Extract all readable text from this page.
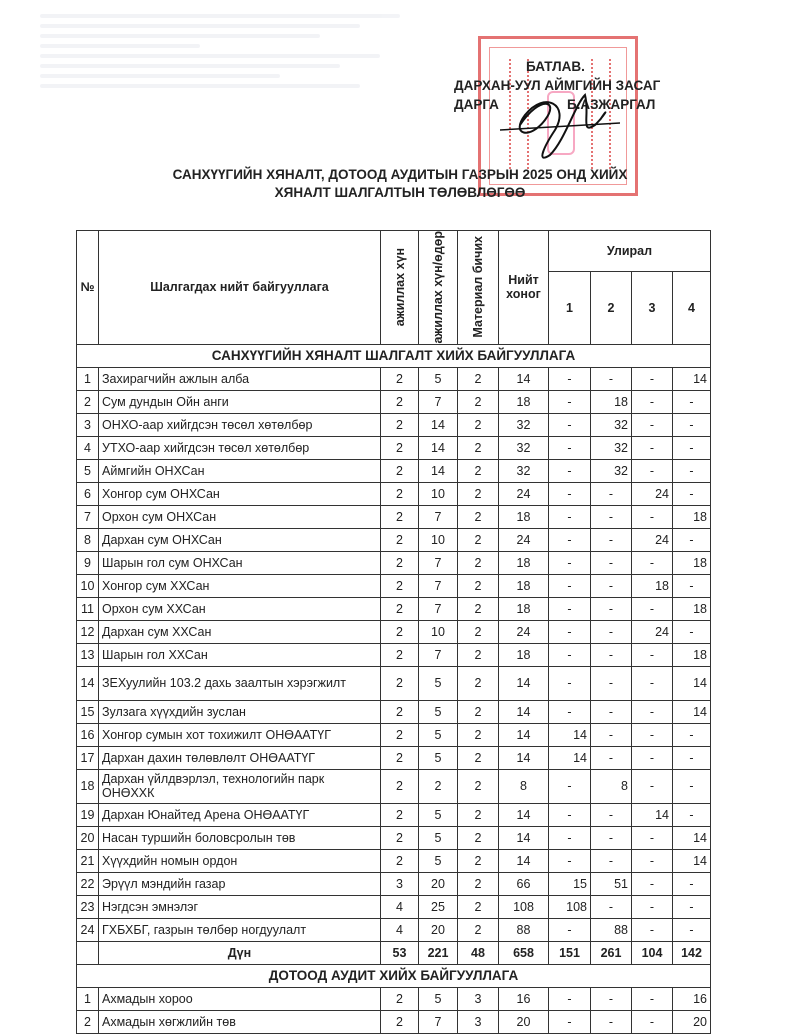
БАТЛАВ.
ДАРХАН-УУЛ АЙМГИЙН ЗАСАГ
ДАРГА	Б.АЗЖАРГАЛ
САНХҮҮГИЙН ХЯНАЛТ, ДОТООД АУДИТЫН ГАЗРЫН 2025 ОНД ХИЙХ
ХЯНАЛТ ШАЛГАЛТЫН ТӨЛӨВЛӨГӨӨ
№	Шалгагдах нийт байгууллага	ажиллах хүн	ажиллах хүн/өдөр	Материал бичих	Нийт хоног	Улирал			
						1	2	3	4
САНХҮҮГИЙН ХЯНАЛТ ШАЛГАЛТ ХИЙХ БАЙГУУЛЛАГА									
1	Захирагчийн ажлын алба	2	5	2	14	-	-	-	14
2	Сум дундын Ойн анги	2	7	2	18	-	18	-	-
3	ОНХО-аар хийгдсэн төсөл хөтөлбөр	2	14	2	32	-	32	-	-
4	УТХО-аар хийгдсэн төсөл хөтөлбөр	2	14	2	32	-	32	-	-
5	Аймгийн ОНХСан	2	14	2	32	-	32	-	-
6	Хонгор сум ОНХСан	2	10	2	24	-	-	24	-
7	Орхон сум ОНХСан	2	7	2	18	-	-	-	18
8	Дархан сум ОНХСан	2	10	2	24	-	-	24	-
9	Шарын гол сум ОНХСан	2	7	2	18	-	-	-	18
10	Хонгор сум ХХСан	2	7	2	18	-	-	18	-
11	Орхон сум ХХСан	2	7	2	18	-	-	-	18
12	Дархан сум ХХСан	2	10	2	24	-	-	24	-
13	Шарын гол ХХСан	2	7	2	18	-	-	-	18
14	ЗЕХуулийн 103.2 дахь заалтын хэрэгжилт	2	5	2	14	-	-	-	14
15	Зулзага хүүхдийн зуслан	2	5	2	14	-	-	-	14
16	Хонгор сумын хот тохижилт ОНӨААТҮГ	2	5	2	14	14	-	-	-
17	Дархан дахин төлөвлөлт ОНӨААТҮГ	2	5	2	14	14	-	-	-
18	Дархан үйлдвэрлэл, технологийн парк ОНӨХХК	2	2	2	8	-	8	-	-
19	Дархан Юнайтед Арена ОНӨААТҮГ	2	5	2	14	-	-	14	-
20	Насан туршийн боловсролын төв	2	5	2	14	-	-	-	14
21	Хүүхдийн номын ордон	2	5	2	14	-	-	-	14
22	Эрүүл мэндийн газар	3	20	2	66	15	51	-	-
23	Нэгдсэн эмнэлэг	4	25	2	108	108	-	-	-
24	ГХБХБГ, газрын төлбөр ногдуулалт	4	20	2	88	-	88	-	-
	Дүн	53	221	48	658	151	261	104	142
ДОТООД АУДИТ ХИЙХ БАЙГУУЛЛАГА									
1	Ахмадын хороо	2	5	3	16	-	-	-	16
2	Ахмадын хөгжлийн төв	2	7	3	20	-	-	-	20
